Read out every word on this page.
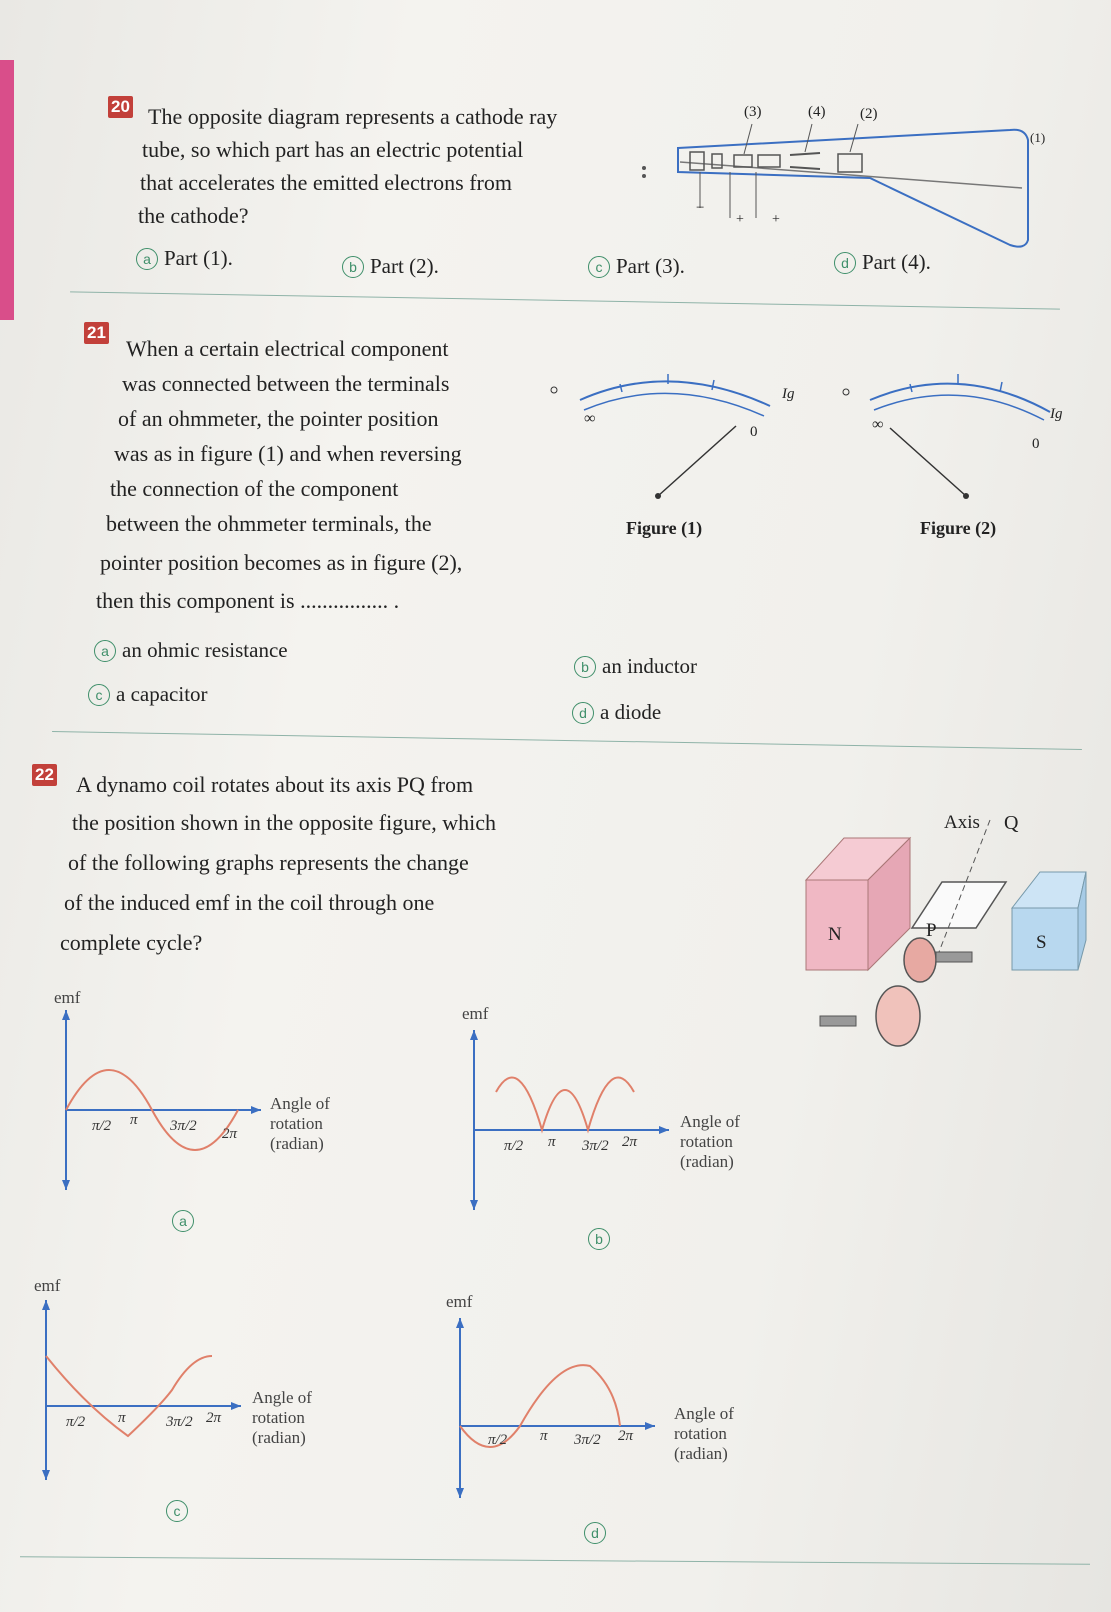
20 The opposite diagram represents a cathode ray
tube, so which part has an electric potential
that accelerates the emitted electrons from
the cathode?
(3)	(4) (2)
(1)
−
+ +
a Part (1).	b Part (2).	c Part (3).	d Part (4).
21
When a certain electrical component
was connected between the terminals
of an ohmmeter, the pointer position
was as in figure (1) and when reversing
the connection of the component
between the ohmmeter terminals, the
pointer position becomes as in figure (2),
then this component is ................ .
∞
0
Ig
Figure (1)
∞
0
Ig
Figure (2)
a an ohmic resistance
b an inductor
c a capacitor
d a diode
22 A dynamo coil rotates about its axis PQ from
the position shown in the opposite figure, which
of the following graphs represents the change
of the induced emf in the coil through one
complete cycle?
Axis Q
P
N	S
emf
π/2 π 3π/2 2π
Angle of
rotation
(radian)
a
emf
π/2 π 3π/2 2π
Angle of
rotation
(radian)
b
emf
π/2 π	3π/2 2π
Angle of
rotation
(radian)
c
emf
π/2 π 3π/2 2π
Angle of
rotation
(radian)
d
